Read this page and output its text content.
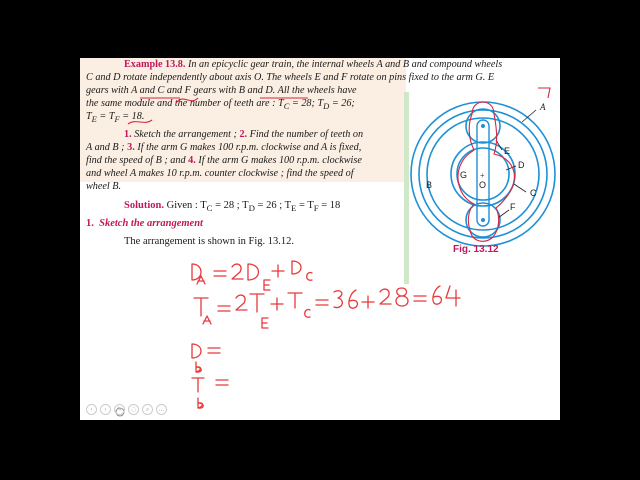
Example 13.8. In an epicyclic gear train, the internal wheels A and B and compound wheels
C and D rotate independently about axis O. The wheels E and F rotate on pins fixed to the arm G. E
gears with A and C and F gears with B and D. All the wheels have
the same module and the number of teeth are : $T_C = 28$; $T_D = 26$;
$T_E = T_F = 18$.
1. Sketch the arrangement ; 2. Find the number of teeth on
A and B ; 3. If the arm G makes 100 r.p.m. clockwise and A is fixed,
find the speed of B ; and 4. If the arm G makes 100 r.p.m. clockwise
and wheel A makes 10 r.p.m. counter clockwise ; find the speed of
wheel B.
Solution. Given : $T_C = 28$ ; $T_D = 26$ ; $T_E = T_F = 18$
1. Sketch the arrangement
The arrangement is shown in Fig. 13.12.
+
A
B
C
D
E
F
G
O
Fig. 13.12
‹	›	✎	◌	⌕	…
